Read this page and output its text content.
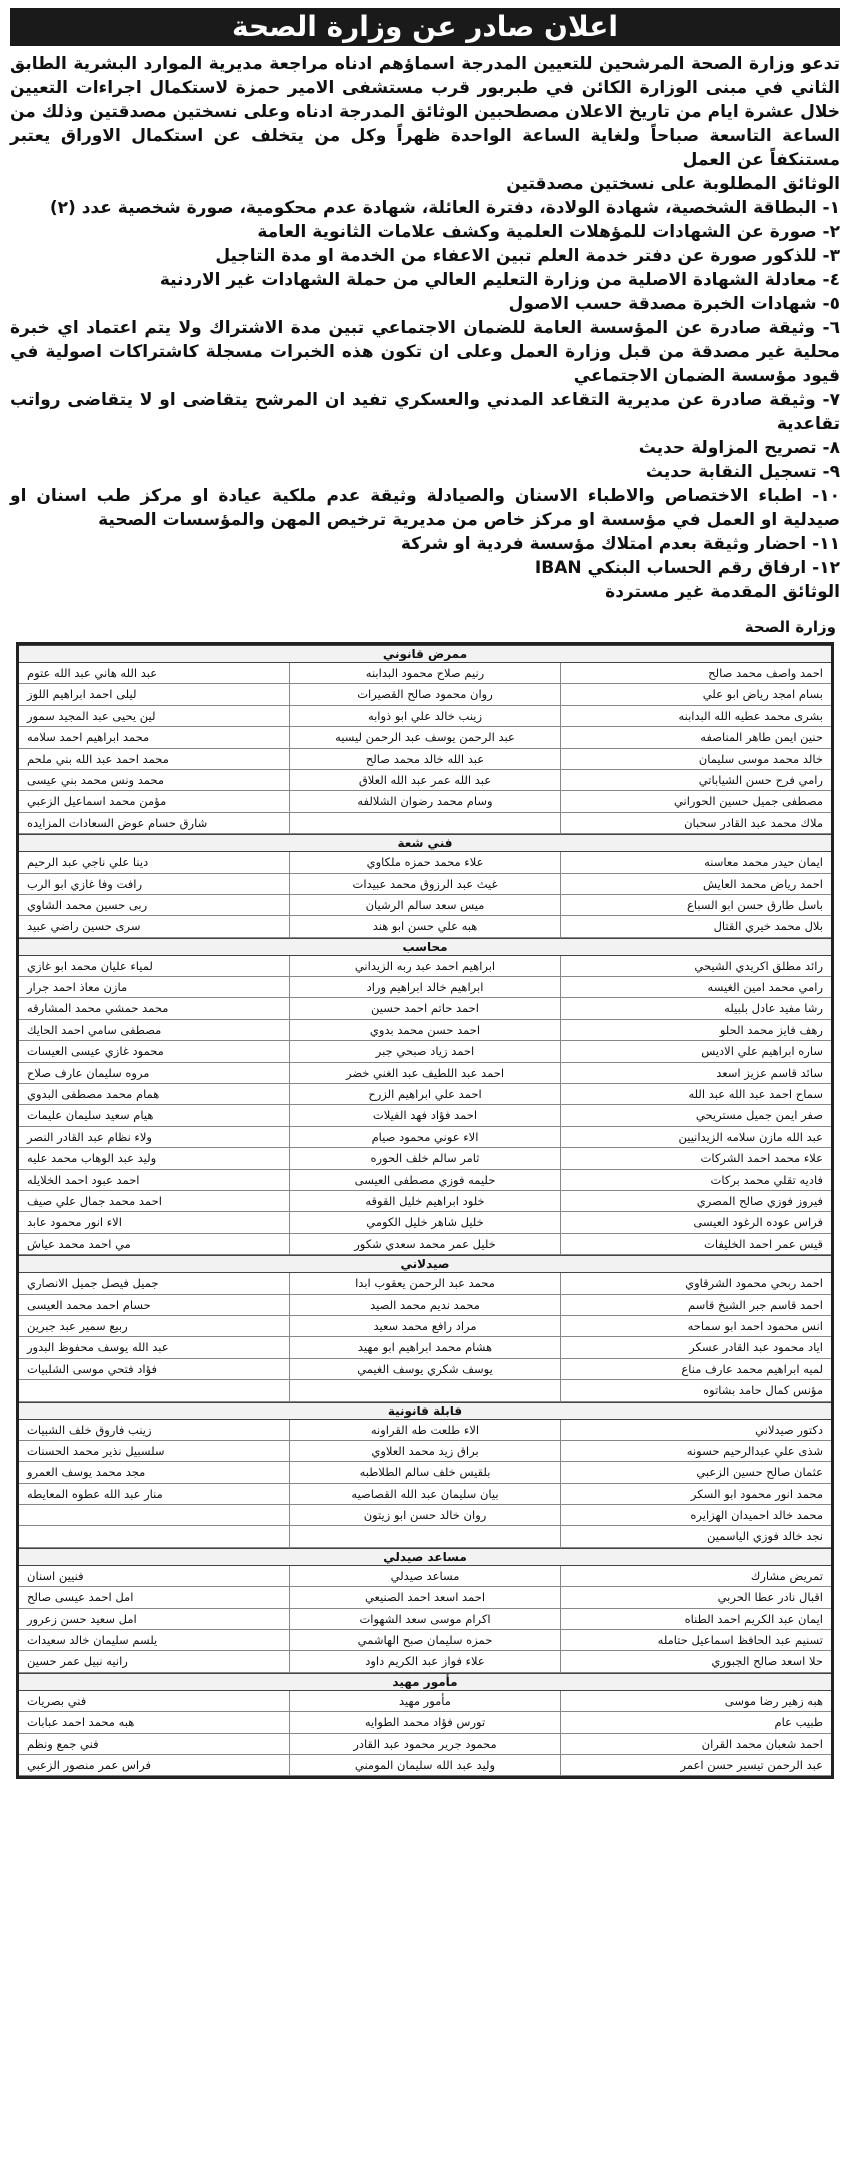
اعلان صادر عن وزارة الصحة

تدعو وزارة الصحة المرشحين للتعيين المدرجة اسماؤهم ادناه مراجعة مديرية الموارد البشرية الطابق الثاني في مبنى الوزارة الكائن في طبربور قرب مستشفى الامير حمزة لاستكمال اجراءات التعيين خلال عشرة ايام من تاريخ الاعلان مصطحبين الوثائق المدرجة ادناه وعلى نسختين مصدقتين وذلك من الساعة التاسعة صباحاً ولغاية الساعة الواحدة ظهراً وكل من يتخلف عن استكمال الاوراق يعتبر مستنكفاً عن العمل

الوثائق المطلوبة على نسختين مصدقتين
١- البطاقة الشخصية، شهادة الولادة، دفترة العائلة، شهادة عدم محكومية، صورة شخصية عدد (٢)
٢- صورة عن الشهادات للمؤهلات العلمية وكشف علامات الثانوية العامة
٣- للذكور صورة عن دفتر خدمة العلم تبين الاعفاء من الخدمة او مدة التاجيل
٤- معادلة الشهادة الاصلية من وزارة التعليم العالي من حملة الشهادات غير الاردنية
٥- شهادات الخبرة مصدقة حسب الاصول
٦- وثيقة صادرة عن المؤسسة العامة للضمان الاجتماعي تبين مدة الاشتراك ولا يتم اعتماد اي خبرة محلية غير مصدقة من قبل وزارة العمل وعلى ان تكون هذه الخبرات مسجلة كاشتراكات اصولية في قيود مؤسسة الضمان الاجتماعي
٧- وثيقة صادرة عن مديرية التقاعد المدني والعسكري تفيد ان المرشح يتقاضى او لا يتقاضى رواتب تقاعدية
٨- تصريح المزاولة حديث
٩- تسجيل النقابة حديث
١٠- اطباء الاختصاص والاطباء الاسنان والصيادلة وثيقة عدم ملكية عيادة او مركز طب اسنان او صيدلية او العمل في مؤسسة او مركز خاص من مديرية ترخيص المهن والمؤسسات الصحية
١١- احضار وثيقة بعدم امتلاك مؤسسة فردية او شركة
١٢- ارفاق رقم الحساب البنكي IBAN
الوثائق المقدمة غير مستردة
وزارة الصحة
ممرض قانوني
احمد واصف محمد صالح
رنيم صلاح محمود البدابنه
عبد الله هاني عبد الله عتوم
بسام امجد رياض ابو علي
روان محمود صالح القصيرات
ليلى احمد ابراهيم اللوز
بشرى محمد عطيه الله البدابنه
زينب خالد علي ابو ذوابه
لين يحيى عبد المجيد سمور
حنين ايمن طاهر المناصفه
عبد الرحمن يوسف عبد الرحمن ليسيه
محمد ابراهيم احمد سلامه
خالد محمد موسى سليمان
عبد الله خالد محمد صالح
محمد احمد عبد الله بني ملحم
رامي فرح حسن الشياباتي
عبد الله عمر عبد الله العلاق
محمد ونس محمد بني عيسى
مصطفى جميل حسين الحوراني
وسام محمد رضوان الشلالفه
مؤمن محمد اسماعيل الزعبي
ملاك محمد عبد القادر سحبان
شارق حسام عوض السعادات المزايده
فني شعة
ايمان حيدر محمد معاسنه
علاء محمد حمزه ملكاوي
دينا علي ناجي عبد الرحيم
احمد رياض محمد العايش
غيث عبد الرزوق محمد عبيدات
رافت وفا غازي ابو الرب
باسل طارق حسن ابو السباع
ميس سعد سالم الرشيان
ربى حسين محمد الشاوي
بلال محمد خيري القتال
هبه علي حسن ابو هند
سرى حسين راضي عبيد
محاسب
رائد مطلق اكريدي الشيحي
ابراهيم احمد عبد ربه الزيداني
لمياء عليان محمد ابو غازي
رامي محمد امين الغيسه
ابراهيم خالد ابراهيم وراد
مازن معاذ احمد جرار
رشا مفيد عادل بلبيله
احمد حاتم احمد حسين
محمد حمشي محمد المشارقه
رهف فايز محمد الحلو
احمد حسن محمد بدوي
مصطفى سامي احمد الحايك
ساره ابراهيم علي الاديس
احمد زياد صبحي جبر
محمود غازي عيسى العيسات
سائد قاسم عزيز اسعد
احمد عبد اللطيف عبد الغني خضر
مروه سليمان عارف صلاح
سماح احمد عبد الله عبد الله
احمد علي ابراهيم الزرح
همام محمد مصطفى البدوي
صفر ايمن جميل مستريحي
احمد فؤاد فهد الفيلات
هيام سعيد سليمان عليمات
عبد الله مازن سلامه الزيدانيين
الاء عوني محمود صيام
ولاء نظام عبد القادر النصر
علاء محمد احمد الشركات
ثامر سالم خلف الحوره
وليد عبد الوهاب محمد عليه
فاديه تقلي محمد بركات
حليمه فوزي مصطفى العيسى
احمد عبود احمد الخلايله
فيروز فوزي صالح المصري
خلود ابراهيم خليل القوقه
احمد محمد جمال علي صيف
فراس عوده الرغود العيسى
خليل شاهر خليل الكومي
الاء انور محمود عابد
قيس عمر احمد الخليفات
خليل عمر محمد سعدي شكور
مي احمد محمد عياش
صيدلاني
احمد ربحي محمود الشرقاوي
محمد عبد الرحمن يعقوب ابدا
جميل فيصل جميل الانصاري
احمد قاسم جبر الشيخ قاسم
محمد نديم محمد الصيد
حسام احمد محمد العيسى
انس محمود احمد ابو سماحه
مراد رافع محمد سعيد
ربيع سمير عبد جبرين
اياد محمود عبد القادر عسكر
هشام محمد ابراهيم ابو مهيد
عبد الله يوسف محفوظ البدور
لميه ابراهيم محمد عارف مناع
يوسف شكري يوسف الغيمي
فؤاد فتحي موسى الشلبيات
مؤنس كمال حامد بشاتوه
قابلة قانونية
دكتور صيدلاني
الاء طلعت طه القراونه
زينب فاروق خلف الشبيات
شذى علي عبدالرحيم حسونه
براق زيد محمد العلاوي
سلسبيل نذير محمد الحسنات
عثمان صالح حسين الزعبي
بلقيس خلف سالم الطلاطبه
مجد محمد يوسف العمرو
محمد انور محمود ابو السكر
بيان سليمان عبد الله القصاصيه
منار عبد الله عطوه المعايطه
محمد خالد احميدان الهزايره
روان خالد حسن ابو زيتون
نجد خالد فوزي الياسمين
مساعد صيدلي
تمريض مشارك
مساعد صيدلي
فنيين اسنان
اقبال نادر عطا الحربي
احمد اسعد احمد الصنيعي
امل احمد عيسى صالح
ايمان عبد الكريم احمد الطناه
اكرام موسى سعد الشهوات
امل سعيد حسن زعرور
تسنيم عبد الحافظ اسماعيل حتامله
حمزه سليمان صبح الهاشمي
يلسم سليمان خالد سعيدات
حلا اسعد صالح الجبوري
علاء فواز عبد الكريم داود
رانيه نبيل عمر حسين
مأمور مهيد
هبه زهير رضا موسى
مأمور مهيد
فني بصريات
طبيب عام
تورس فؤاد محمد الطوايه
هبه محمد احمد عبابات
احمد شعبان محمد القران
محمود جرير محمود عبد القادر
فني جمع ونظم
عبد الرحمن تيسير حسن اعمر
وليد عبد الله سليمان المومني
فراس عمر منصور الزعبي
